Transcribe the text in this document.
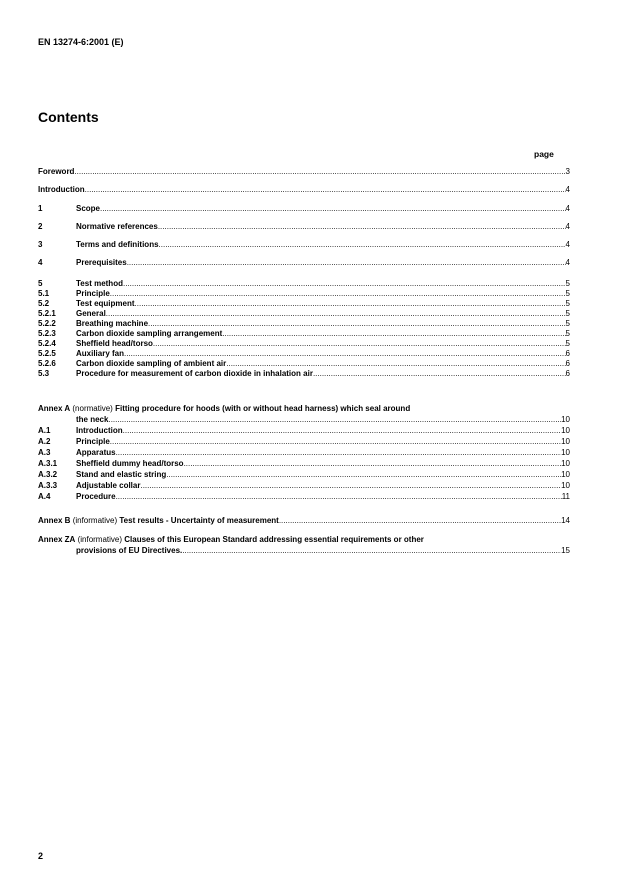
EN 13274-6:2001 (E)
Contents
page
Foreword .....	3
Introduction .....	4
1	Scope .....	4
2	Normative references .....	4
3	Terms and definitions .....	4
4	Prerequisites .....	4
5	Test method .....	5
5.1	Principle .....	5
5.2	Test equipment .....	5
5.2.1	General .....	5
5.2.2	Breathing machine .....	5
5.2.3	Carbon dioxide sampling arrangement .....	5
5.2.4	Sheffield head/torso .....	5
5.2.5	Auxiliary fan .....	6
5.2.6	Carbon dioxide sampling of ambient air .....	6
5.3	Procedure for measurement of carbon dioxide in inhalation air .....	6
Annex A (normative) Fitting procedure for hoods (with or without head harness) which seal around
the neck .....	10
A.1	Introduction .....	10
A.2	Principle .....	10
A.3	Apparatus .....	10
A.3.1	Sheffield dummy head/torso .....	10
A.3.2	Stand and elastic string .....	10
A.3.3	Adjustable collar .....	10
A.4	Procedure .....	11
Annex B (informative) Test results - Uncertainty of measurement .....	14
Annex ZA (informative) Clauses of this European Standard addressing essential requirements or other
provisions of EU Directives. .....	15
2
